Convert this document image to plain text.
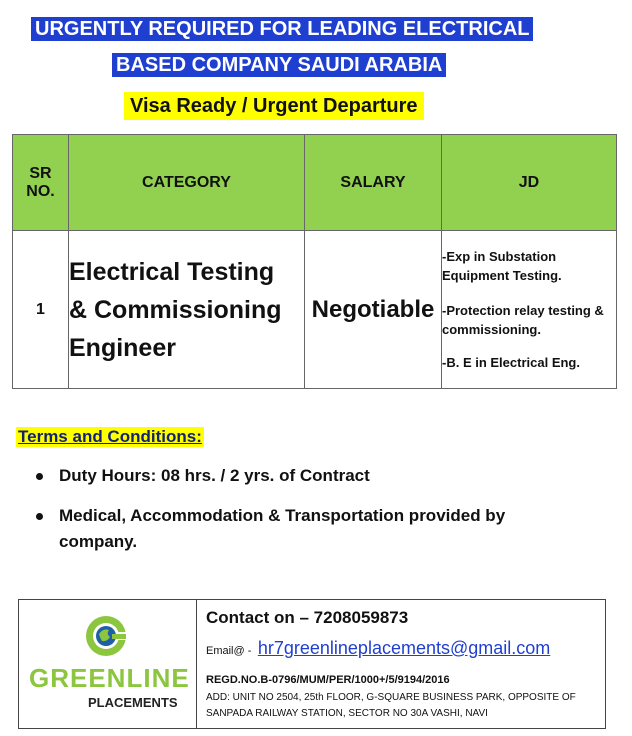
URGENTLY REQUIRED FOR LEADING ELECTRICAL
BASED COMPANY SAUDI ARABIA
Visa Ready / Urgent Departure
SR
NO.	CATEGORY	SALARY	JD
1	Electrical Testing
& Commissioning
Engineer	Negotiable	-Exp in Substation Equipment Testing.
-Protection relay testing & commissioning.
-B. E in Electrical Eng.
Terms and Conditions:
Duty Hours: 08 hrs. / 2 yrs. of Contract
Medical, Accommodation & Transportation provided by company.
GREENLINE
PLACEMENTS
Contact on – 7208059873
Email@ - hr7greenlineplacements@gmail.com
REGD.NO.B-0796/MUM/PER/1000+/5/9194/2016
ADD: UNIT NO 2504, 25th FLOOR, G-SQUARE BUSINESS PARK, OPPOSITE OF SANPADA RAILWAY STATION, SECTOR NO 30A VASHI, NAVI
